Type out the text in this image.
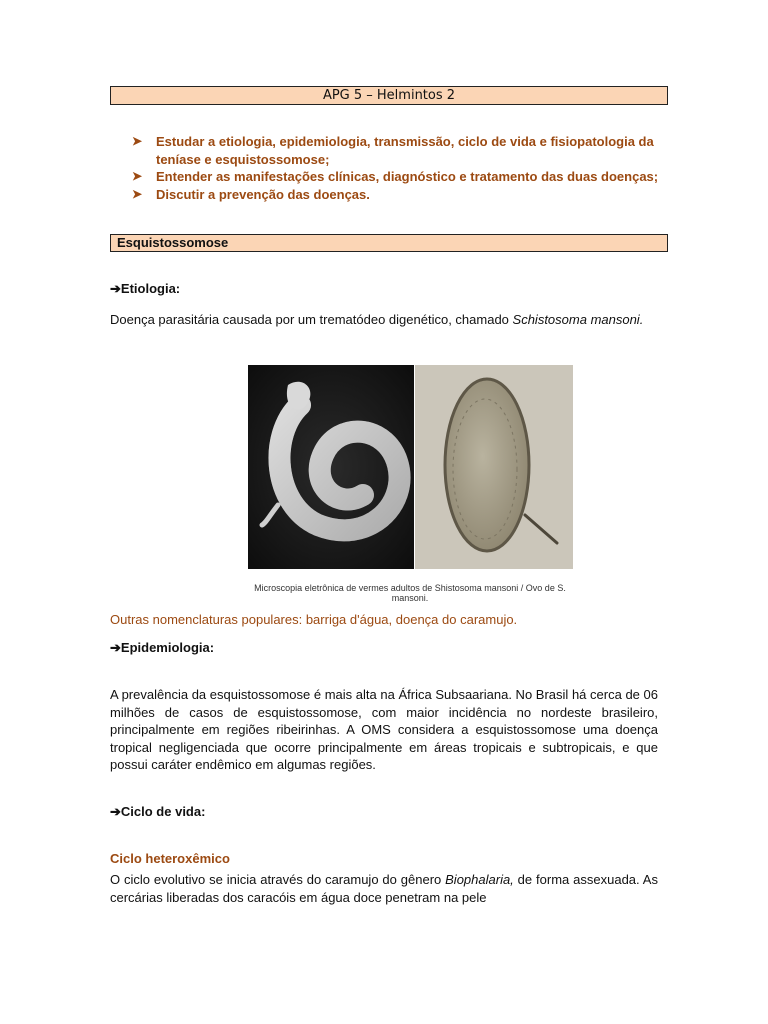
APG 5 – Helmintos 2
➤ Estudar a etiologia, epidemiologia, transmissão, ciclo de vida e fisiopatologia da teníase e esquistossomose;
➤ Entender as manifestações clínicas, diagnóstico e tratamento das duas doenças;
➤ Discutir a prevenção das doenças.
Esquistossomose
➔Etiologia:
Doença parasitária causada por um trematódeo digenético, chamado Schistosoma mansoni.
Microscopia eletrônica de vermes adultos de Shistosoma mansoni / Ovo de S. mansoni.
Outras nomenclaturas populares: barriga d'água, doença do caramujo.
➔Epidemiologia:
A prevalência da esquistossomose é mais alta na África Subsaariana. No Brasil há cerca de 06 milhões de casos de esquistossomose, com maior incidência no nordeste brasileiro, principalmente em regiões ribeirinhas. A OMS considera a esquistossomose uma doença tropical negligenciada que ocorre principalmente em áreas tropicais e subtropicais, e que possui caráter endêmico em algumas regiões.
➔Ciclo de vida:
Ciclo heteroxêmico
O ciclo evolutivo se inicia através do caramujo do gênero Biophalaria, de forma assexuada. As cercárias liberadas dos caracóis em água doce penetram na pele
